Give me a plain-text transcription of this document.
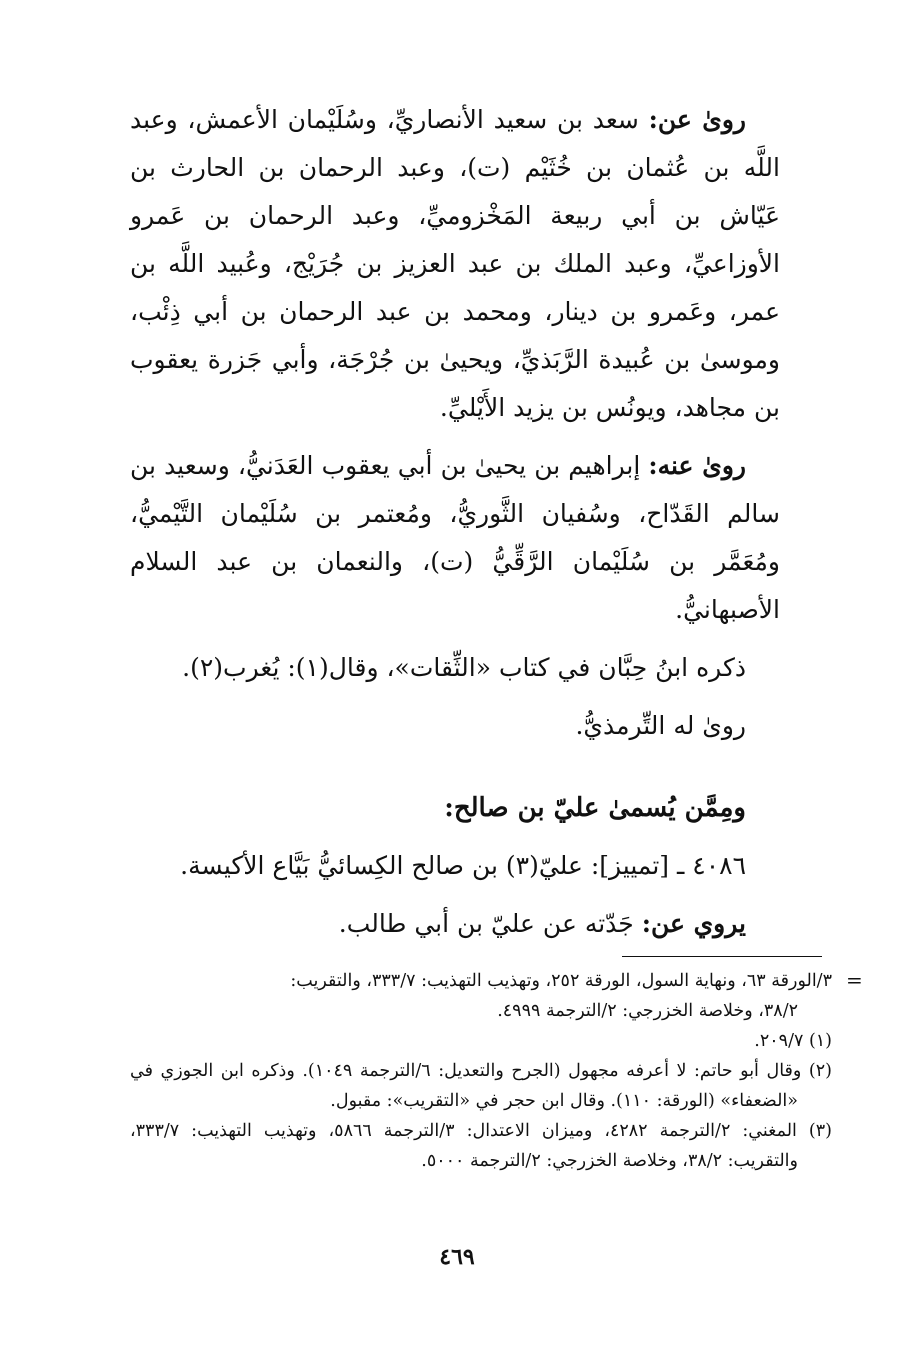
روىٰ عن: سعد بن سعيد الأنصاريِّ، وسُلَيْمان الأعمش، وعبد اللَّه بن عُثمان بن خُثَيْم (ت)، وعبد الرحمان بن الحارث بن عَيّاش بن أبي ربيعة المَخْزوميِّ، وعبد الرحمان بن عَمرو الأوزاعيِّ، وعبد الملك بن عبد العزيز بن جُرَيْج، وعُبيد اللَّه بن عمر، وعَمرو بن دينار، ومحمد بن عبد الرحمان بن أبي ذِئْب، وموسىٰ بن عُبيدة الرَّبَذيِّ، ويحيىٰ بن جُرْجَة، وأبي جَزرة يعقوب بن مجاهد، ويونُس بن يزيد الأَيْليِّ.

روىٰ عنه: إبراهيم بن يحيىٰ بن أبي يعقوب العَدَنيُّ، وسعيد بن سالم القَدّاح، وسُفيان الثَّوريُّ، ومُعتمر بن سُلَيْمان التَّيْميُّ، ومُعَمَّر بن سُلَيْمان الرَّقِّيُّ (ت)، والنعمان بن عبد السلام الأصبهانيُّ.

ذكره ابنُ حِبَّان في كتاب «الثِّقات»، وقال(١): يُغرب(٢).

روىٰ له التِّرمذيُّ.

ومِمَّن يُسمىٰ عليّ بن صالح:

٤٠٨٦ ـ [تمييز]: عليّ(٣) بن صالح الكِسائيُّ بَيَّاع الأكيسة.

يروي عن: جَدّته عن عليّ بن أبي طالب.

=

٣/الورقة ٦٣، ونهاية السول، الورقة ٢٥٢، وتهذيب التهذيب: ٣٣٣/٧، والتقريب:
٣٨/٢، وخلاصة الخزرجي: ٢/الترجمة ٤٩٩٩.

(١) ٢٠٩/٧.

(٢) وقال أبو حاتم: لا أعرفه مجهول (الجرح والتعديل: ٦/الترجمة ١٠٤٩). وذكره ابن الجوزي في «الضعفاء» (الورقة: ١١٠). وقال ابن حجر في «التقريب»: مقبول.

(٣) المغني: ٢/الترجمة ٤٢٨٢، وميزان الاعتدال: ٣/الترجمة ٥٨٦٦، وتهذيب التهذيب: ٣٣٣/٧، والتقريب: ٣٨/٢، وخلاصة الخزرجي: ٢/الترجمة ٥٠٠٠.

٤٦٩
